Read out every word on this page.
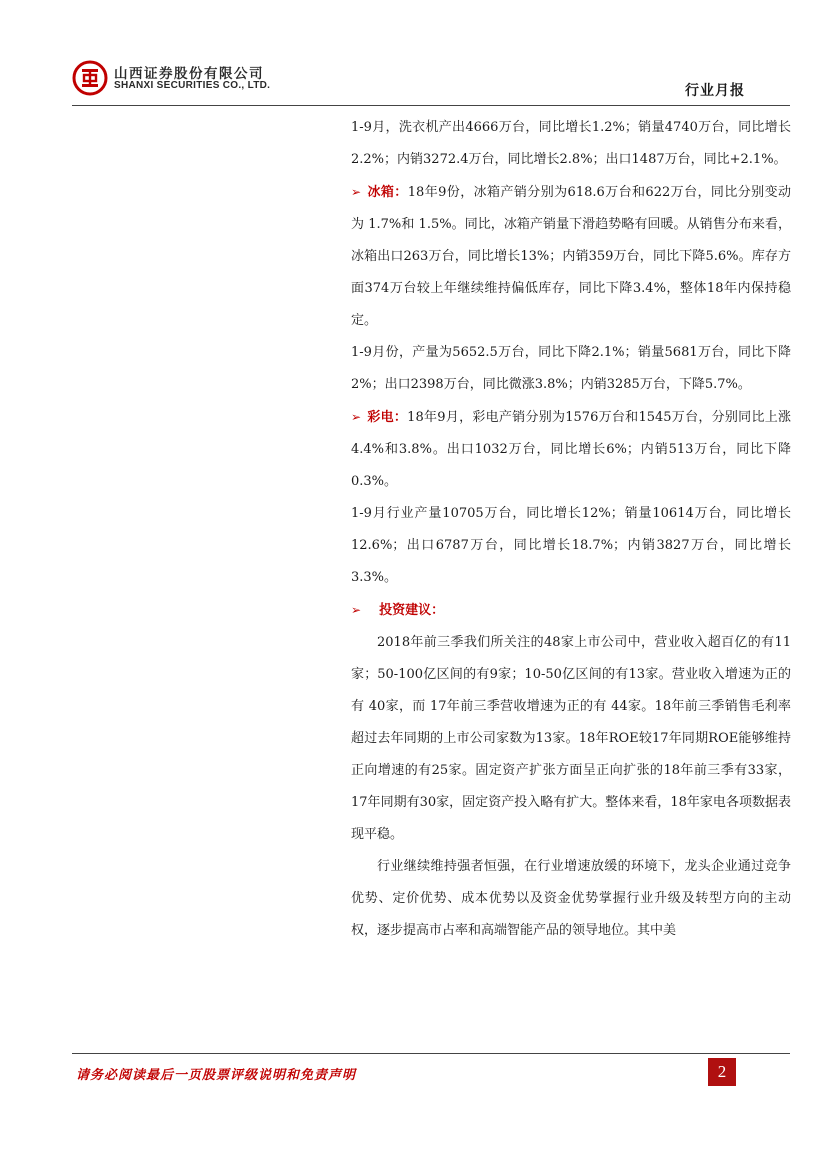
山西证券股份有限公司
SHANXI SECURITIES CO., LTD.	行业月报

1-9月，洗衣机产出4666万台，同比增长1.2%；销量4740万台，同比增长2.2%；内销3272.4万台，同比增长2.8%；出口1487万台，同比+2.1%。

➢ 冰箱：18年9份，冰箱产销分别为618.6万台和622万台，同比分别变动为 1.7%和 1.5%。同比，冰箱产销量下滑趋势略有回暖。从销售分布来看，冰箱出口263万台，同比增长13%；内销359万台，同比下降5.6%。库存方面374万台较上年继续维持偏低库存，同比下降3.4%，整体18年内保持稳定。

1-9月份，产量为5652.5万台，同比下降2.1%；销量5681万台，同比下降2%；出口2398万台，同比微涨3.8%；内销3285万台，下降5.7%。

➢ 彩电：18年9月，彩电产销分别为1576万台和1545万台，分别同比上涨4.4%和3.8%。出口1032万台，同比增长6%；内销513万台，同比下降0.3%。

1-9月行业产量10705万台，同比增长12%；销量10614万台，同比增长12.6%；出口6787万台，同比增长18.7%；内销3827万台，同比增长3.3%。

➢ 投资建议：

2018年前三季我们所关注的48家上市公司中，营业收入超百亿的有11家；50-100亿区间的有9家；10-50亿区间的有13家。营业收入增速为正的有 40家，而 17年前三季营收增速为正的有 44家。18年前三季销售毛利率超过去年同期的上市公司家数为13家。18年ROE较17年同期ROE能够维持正向增速的有25家。固定资产扩张方面呈正向扩张的18年前三季有33家，17年同期有30家，固定资产投入略有扩大。整体来看，18年家电各项数据表现平稳。

行业继续维持强者恒强，在行业增速放缓的环境下，龙头企业通过竞争优势、定价优势、成本优势以及资金优势掌握行业升级及转型方向的主动权，逐步提高市占率和高端智能产品的领导地位。其中美

请务必阅读最后一页股票评级说明和免责声明	2
